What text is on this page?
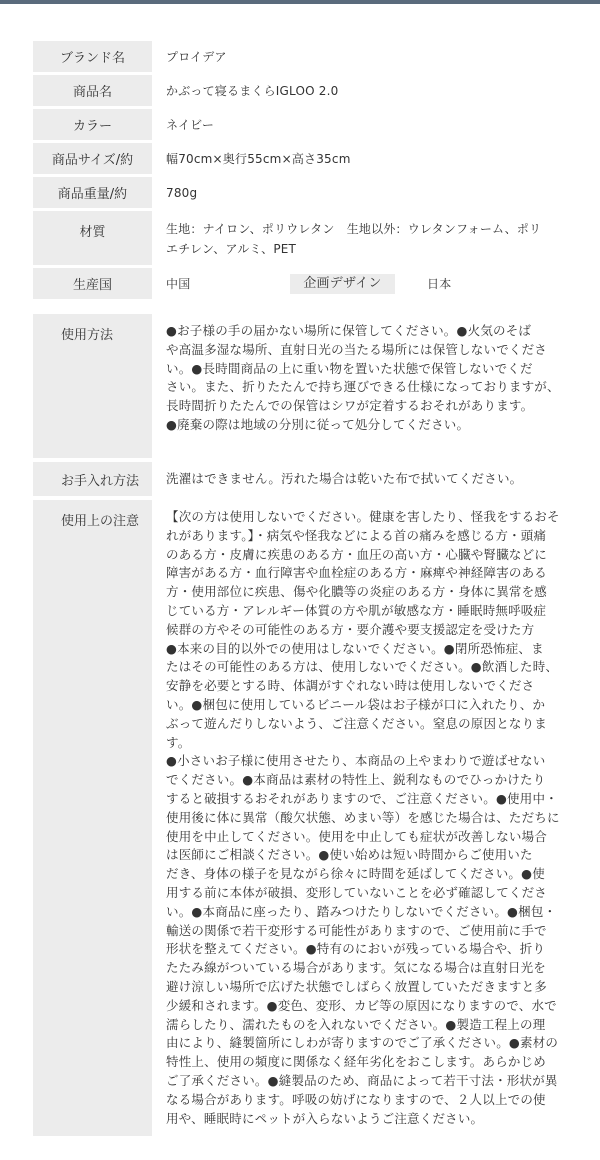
ブランド名	プロイデア
商品名	かぶって寝るまくらIGLOO 2.0
カラー	ネイビー
商品サイズ/約	幅70cm×奥行55cm×高さ35cm
商品重量/約	780g
材質	生地：ナイロン、ポリウレタン　生地以外：ウレタンフォーム、ポリ
エチレン、アルミ、PET
生産国	中国	企画デザイン	日本
使用方法	●お子様の手の届かない場所に保管してください。●火気のそば
や高温多湿な場所、直射日光の当たる場所には保管しないでくださ
い。●長時間商品の上に重い物を置いた状態で保管しないでくだ
さい。また、折りたたんで持ち運びできる仕様になっておりますが、
長時間折りたたんでの保管はシワが定着するおそれがあります。
●廃棄の際は地域の分別に従って処分してください。
お手入れ方法	洗濯はできません。汚れた場合は乾いた布で拭いてください。
使用上の注意	【次の方は使用しないでください。健康を害したり、怪我をするおそ
れがあります。】・病気や怪我などによる首の痛みを感じる方・頭痛
のある方・皮膚に疾患のある方・血圧の高い方・心臓や腎臓などに
障害がある方・血行障害や血栓症のある方・麻痺や神経障害のある
方・使用部位に疾患、傷や化膿等の炎症のある方・身体に異常を感
じている方・アレルギー体質の方や肌が敏感な方・睡眠時無呼吸症
候群の方やその可能性のある方・要介護や要支援認定を受けた方
●本来の目的以外での使用はしないでください。●閉所恐怖症、ま
たはその可能性のある方は、使用しないでください。●飲酒した時、
安静を必要とする時、体調がすぐれない時は使用しないでくださ
い。●梱包に使用しているビニール袋はお子様が口に入れたり、か
ぶって遊んだりしないよう、ご注意ください。窒息の原因となります。
●小さいお子様に使用させたり、本商品の上やまわりで遊ばせない
でください。●本商品は素材の特性上、鋭利なものでひっかけたり
すると破損するおそれがありますので、ご注意ください。●使用中・
使用後に体に異常（酸欠状態、めまい等）を感じた場合は、ただちに
使用を中止してください。使用を中止しても症状が改善しない場合
は医師にご相談ください。●使い始めは短い時間からご使用いた
だき、身体の様子を見ながら徐々に時間を延ばしてください。●使
用する前に本体が破損、変形していないことを必ず確認してくださ
い。●本商品に座ったり、踏みつけたりしないでください。●梱包・
輸送の関係で若干変形する可能性がありますので、ご使用前に手で
形状を整えてください。●特有のにおいが残っている場合や、折り
たたみ線がついている場合があります。気になる場合は直射日光を
避け涼しい場所で広げた状態でしばらく放置していただきますと多
少緩和されます。●変色、変形、カビ等の原因になりますので、水で
濡らしたり、濡れたものを入れないでください。●製造工程上の理
由により、縫製箇所にしわが寄りますのでご了承ください。●素材の
特性上、使用の頻度に関係なく経年劣化をおこします。あらかじめ
ご了承ください。●縫製品のため、商品によって若干寸法・形状が異
なる場合があります。呼吸の妨げになりますので、２人以上での使
用や、睡眠時にペットが入らないようご注意ください。
